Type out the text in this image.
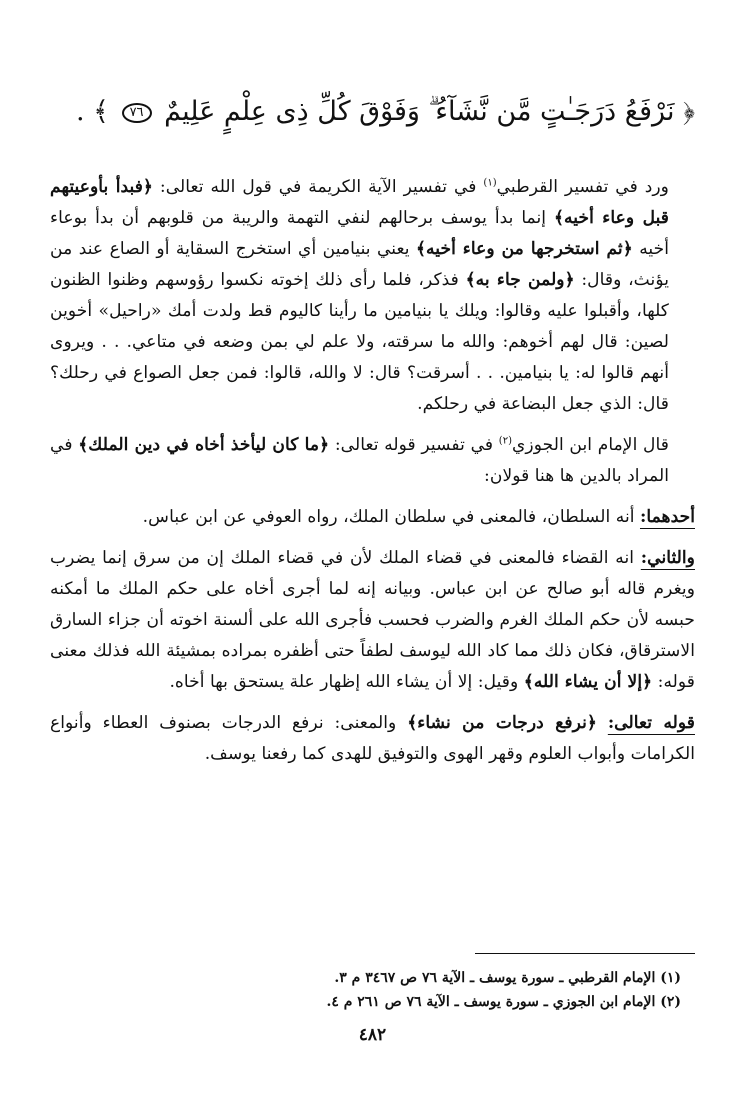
﴿ نَرْفَعُ دَرَجَـٰتٍ مَّن نَّشَآءُ ۗ وَفَوْقَ كُلِّ ذِى عِلْمٍ عَلِيمٌ ٧٦ ﴾ .

ورد في تفسير القرطبي$^{(١)}$ في تفسير الآية الكريمة في قول الله تعالى: ﴿فبدأ بأوعيتهم قبل وعاء أخيه﴾ إنما بدأ يوسف برحالهم لنفي التهمة والريبة من قلوبهم أن بدأ بوعاء أخيه ﴿ثم استخرجها من وعاء أخيه﴾ يعني بنيامين أي استخرج السقاية أو الصاع عند من يؤنث، وقال: ﴿ولمن جاء به﴾ فذكر، فلما رأى ذلك إخوته نكسوا رؤوسهم وظنوا الظنون كلها، وأقبلوا عليه وقالوا: ويلك يا بنيامين ما رأينا كاليوم قط ولدت أمك «راحيل» أخوين لصين: قال لهم أخوهم: والله ما سرقته، ولا علم لي بمن وضعه في متاعي. . . ويروى أنهم قالوا له: يا بنيامين. . . أسرقت؟ قال: لا والله، قالوا: فمن جعل الصواع في رحلك؟ قال: الذي جعل البضاعة في رحلكم.

قال الإمام ابن الجوزي$^{(٢)}$ في تفسير قوله تعالى: ﴿ما كان ليأخذ أخاه في دين الملك﴾ في المراد بالدين ها هنا قولان:

أحدهما: أنه السلطان، فالمعنى في سلطان الملك، رواه العوفي عن ابن عباس.

والثاني: انه القضاء فالمعنى في قضاء الملك لأن في قضاء الملك إن من سرق إنما يضرب ويغرم قاله أبو صالح عن ابن عباس. وبيانه إنه لما أجرى أخاه على حكم الملك ما أمكنه حبسه لأن حكم الملك الغرم والضرب فحسب فأجرى الله على ألسنة اخوته أن جزاء السارق الاسترقاق، فكان ذلك مما كاد الله ليوسف لطفاً حتى أظفره بمراده بمشيئة الله فذلك معنى قوله: ﴿إلا أن يشاء الله﴾ وقيل: إلا أن يشاء الله إظهار علة يستحق بها أخاه.

قوله تعالى: ﴿نرفع درجات من نشاء﴾ والمعنى: نرفع الدرجات بصنوف العطاء وأنواع الكرامات وأبواب العلوم وقهر الهوى والتوفيق للهدى كما رفعنا يوسف.

(١) الإمام القرطبي ـ سورة يوسف ـ الآية ٧٦ ص ٣٤٦٧ م ٣.

(٢) الإمام ابن الجوزي ـ سورة يوسف ـ الآية ٧٦ ص ٢٦١ م ٤.

٤٨٢
